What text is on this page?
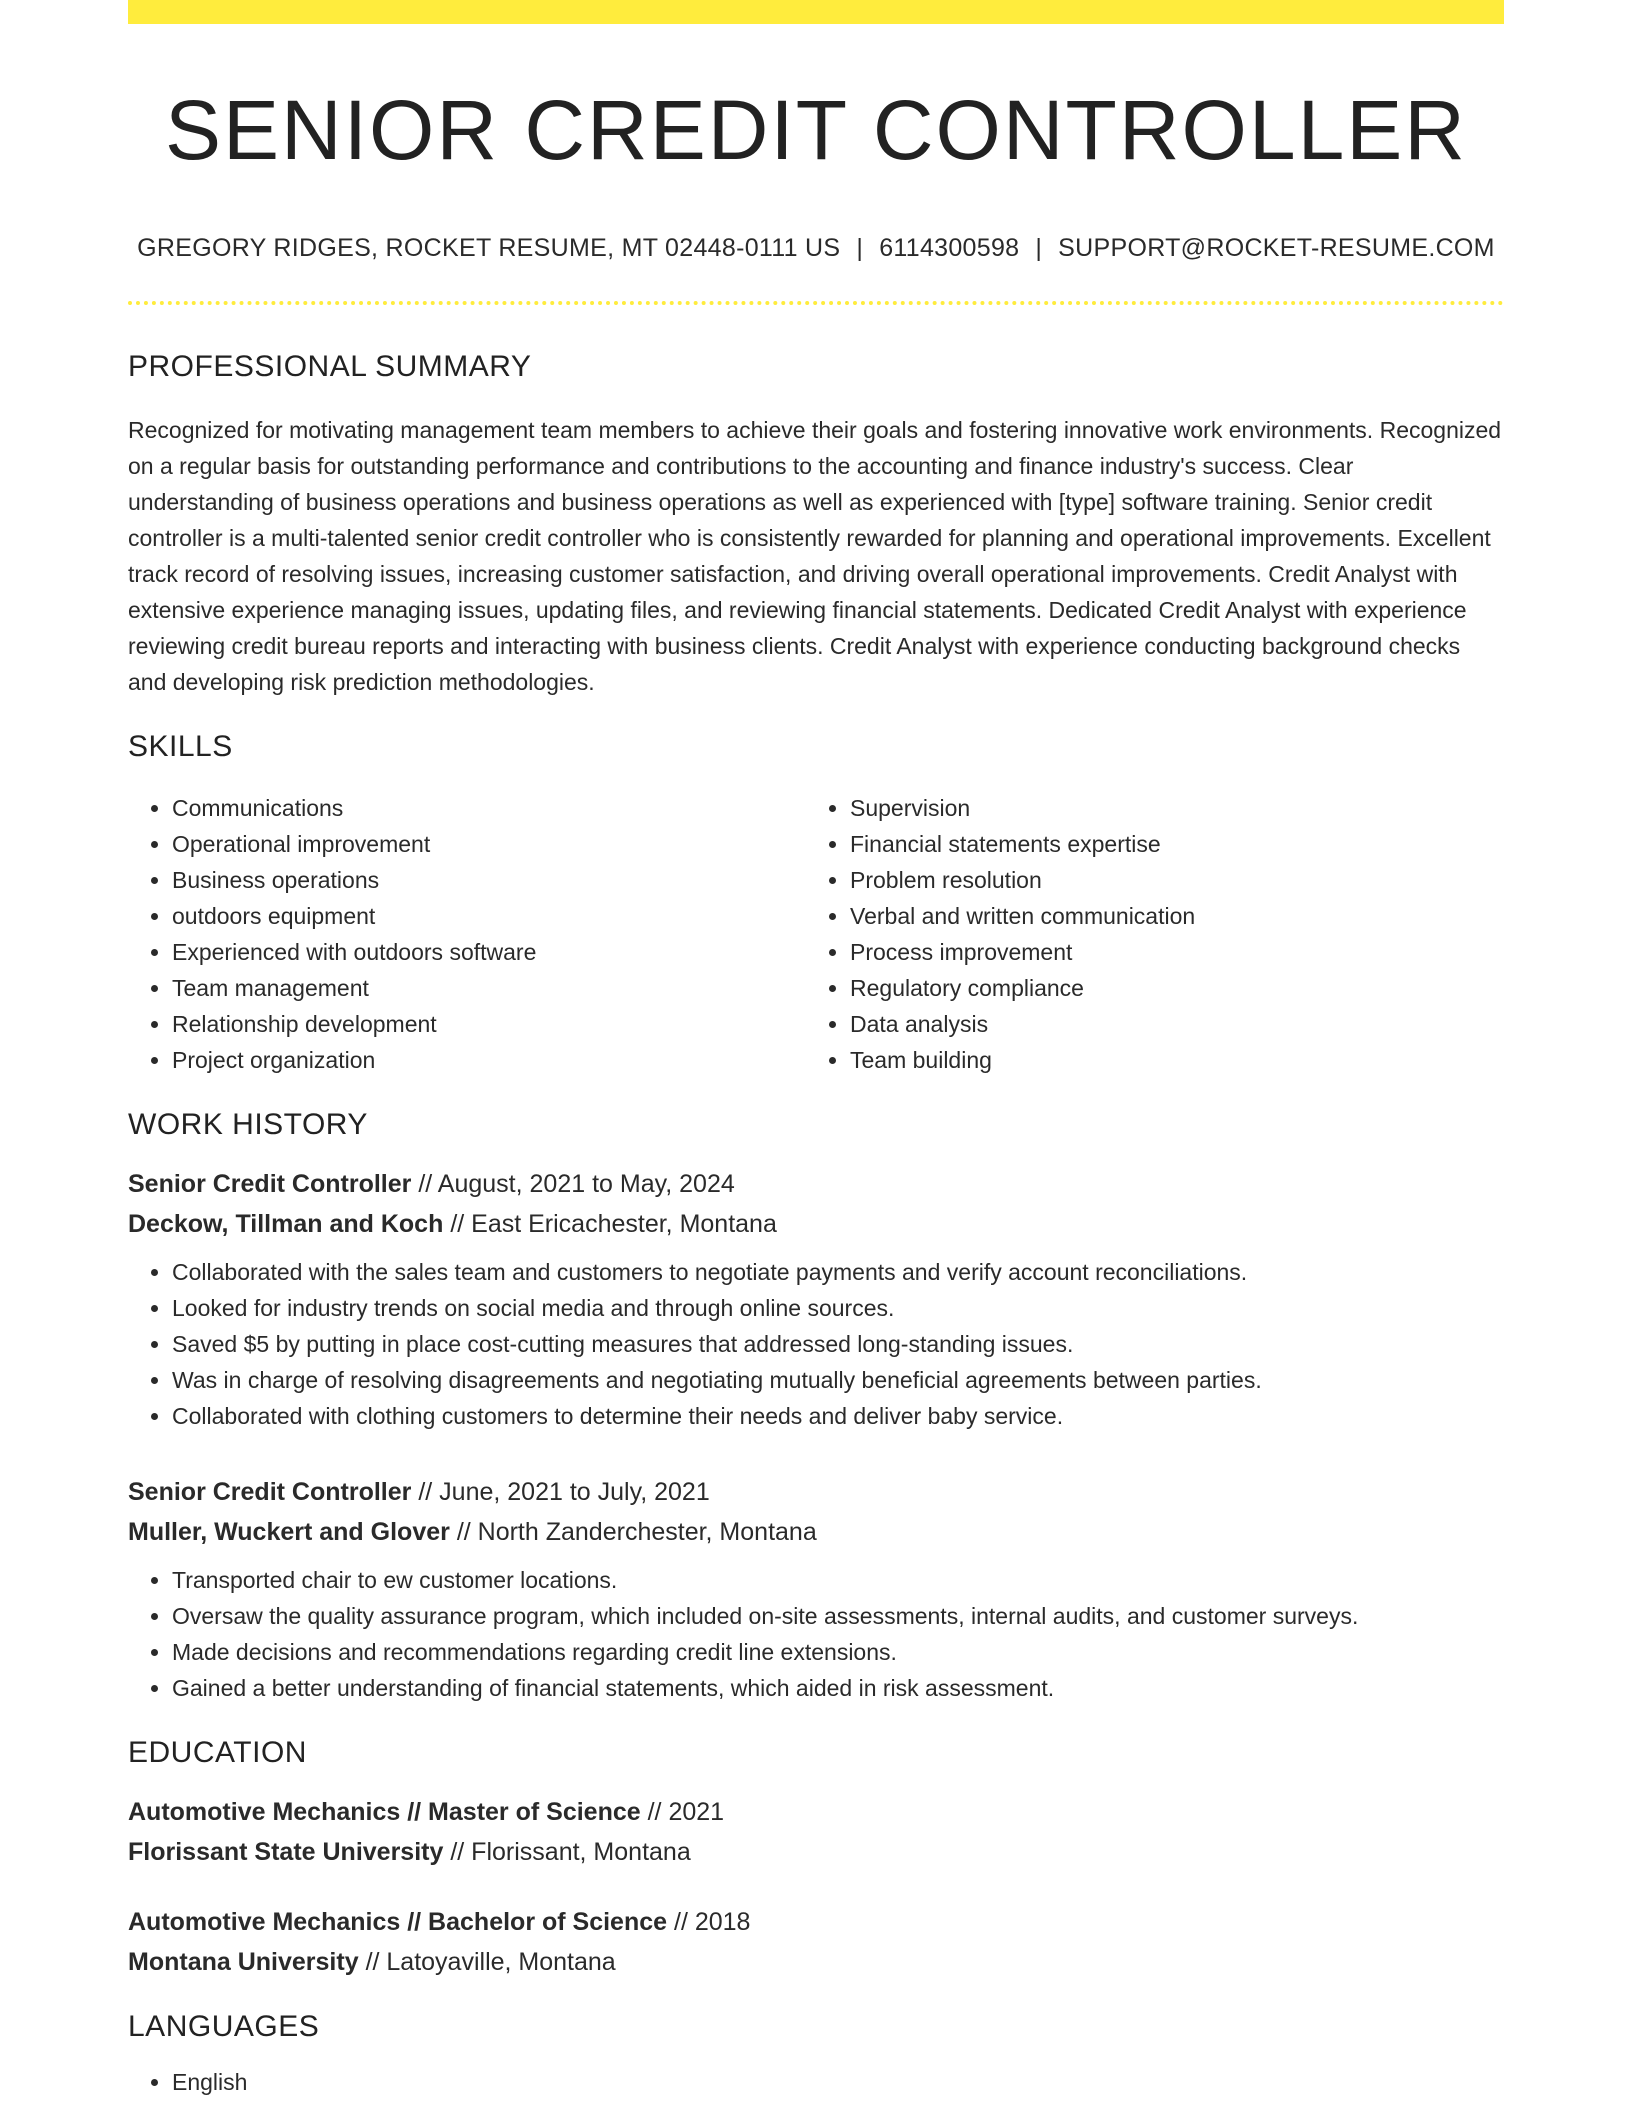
SENIOR CREDIT CONTROLLER
GREGORY RIDGES, ROCKET RESUME, MT 02448-0111 US | 6114300598 | SUPPORT@ROCKET-RESUME.COM
PROFESSIONAL SUMMARY

Recognized for motivating management team members to achieve their goals and fostering innovative work environments. Recognized on a regular basis for outstanding performance and contributions to the accounting and finance industry's success. Clear understanding of business operations and business operations as well as experienced with [type] software training. Senior credit controller is a multi-talented senior credit controller who is consistently rewarded for planning and operational improvements. Excellent track record of resolving issues, increasing customer satisfaction, and driving overall operational improvements. Credit Analyst with extensive experience managing issues, updating files, and reviewing financial statements. Dedicated Credit Analyst with experience reviewing credit bureau reports and interacting with business clients. Credit Analyst with experience conducting background checks and developing risk prediction methodologies.

SKILLS
• Communications
• Operational improvement
• Business operations
• outdoors equipment
• Experienced with outdoors software
• Team management
• Relationship development
• Project organization
• Supervision
• Financial statements expertise
• Problem resolution
• Verbal and written communication
• Process improvement
• Regulatory compliance
• Data analysis
• Team building
WORK HISTORY
Senior Credit Controller // August, 2021 to May, 2024
Deckow, Tillman and Koch // East Ericachester, Montana
• Collaborated with the sales team and customers to negotiate payments and verify account reconciliations.
• Looked for industry trends on social media and through online sources.
• Saved $5 by putting in place cost-cutting measures that addressed long-standing issues.
• Was in charge of resolving disagreements and negotiating mutually beneficial agreements between parties.
• Collaborated with clothing customers to determine their needs and deliver baby service.
Senior Credit Controller // June, 2021 to July, 2021
Muller, Wuckert and Glover // North Zanderchester, Montana
• Transported chair to ew customer locations.
• Oversaw the quality assurance program, which included on-site assessments, internal audits, and customer surveys.
• Made decisions and recommendations regarding credit line extensions.
• Gained a better understanding of financial statements, which aided in risk assessment.
EDUCATION
Automotive Mechanics // Master of Science // 2021
Florissant State University // Florissant, Montana
Automotive Mechanics // Bachelor of Science // 2018
Montana University // Latoyaville, Montana
LANGUAGES
• English
